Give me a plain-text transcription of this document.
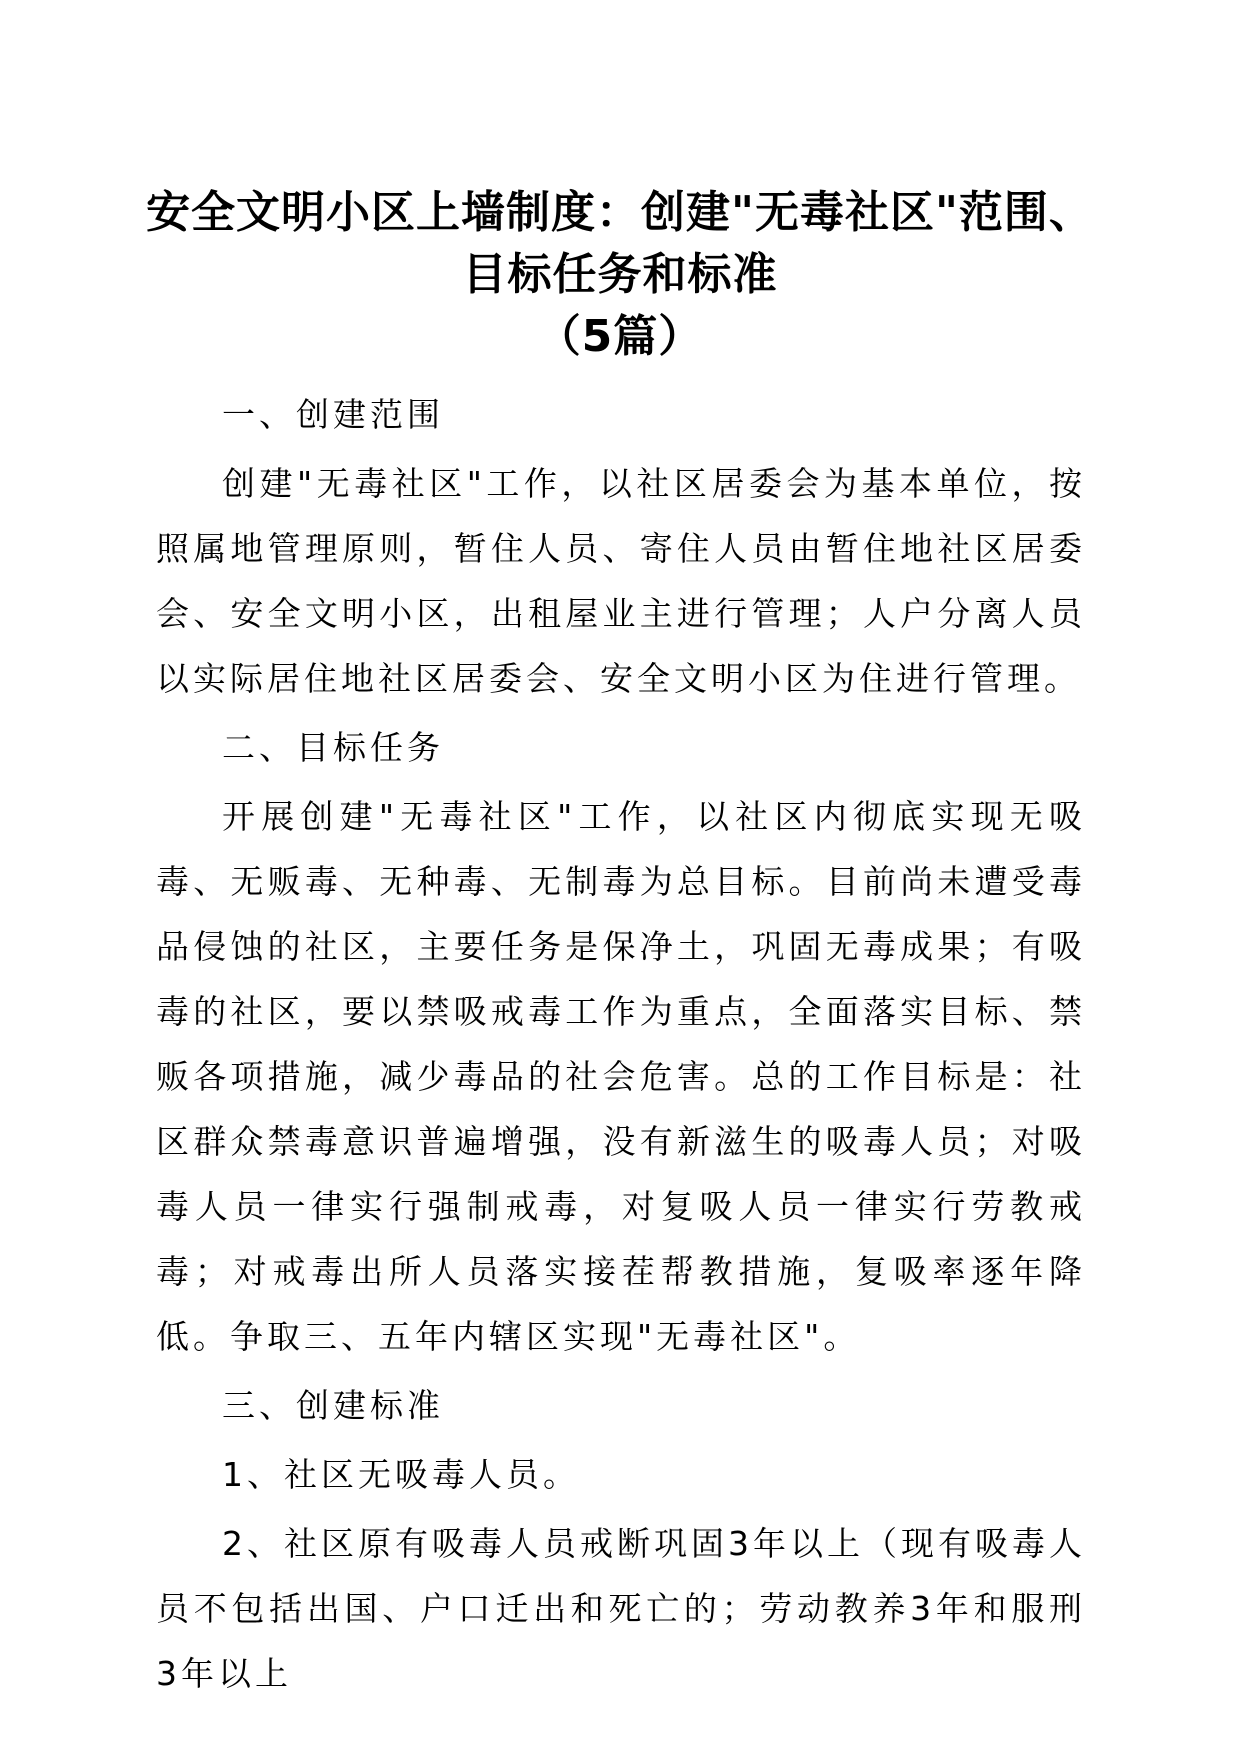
安全文明小区上墙制度：创建"无毒社区"范围、
目标任务和标准
（5篇）

一、创建范围

创建"无毒社区"工作，以社区居委会为基本单位，按照属地管理原则，暂住人员、寄住人员由暂住地社区居委会、安全文明小区，出租屋业主进行管理；人户分离人员以实际居住地社区居委会、安全文明小区为住进行管理。

二、目标任务

开展创建"无毒社区"工作，以社区内彻底实现无吸毒、无贩毒、无种毒、无制毒为总目标。目前尚未遭受毒品侵蚀的社区，主要任务是保净土，巩固无毒成果；有吸毒的社区，要以禁吸戒毒工作为重点，全面落实目标、禁贩各项措施，减少毒品的社会危害。总的工作目标是：社区群众禁毒意识普遍增强，没有新滋生的吸毒人员；对吸毒人员一律实行强制戒毒，对复吸人员一律实行劳教戒毒；对戒毒出所人员落实接茬帮教措施，复吸率逐年降低。争取三、五年内辖区实现"无毒社区"。

三、创建标准

1、社区无吸毒人员。

2、社区原有吸毒人员戒断巩固3年以上（现有吸毒人员不包括出国、户口迁出和死亡的；劳动教养3年和服刑3年以上
